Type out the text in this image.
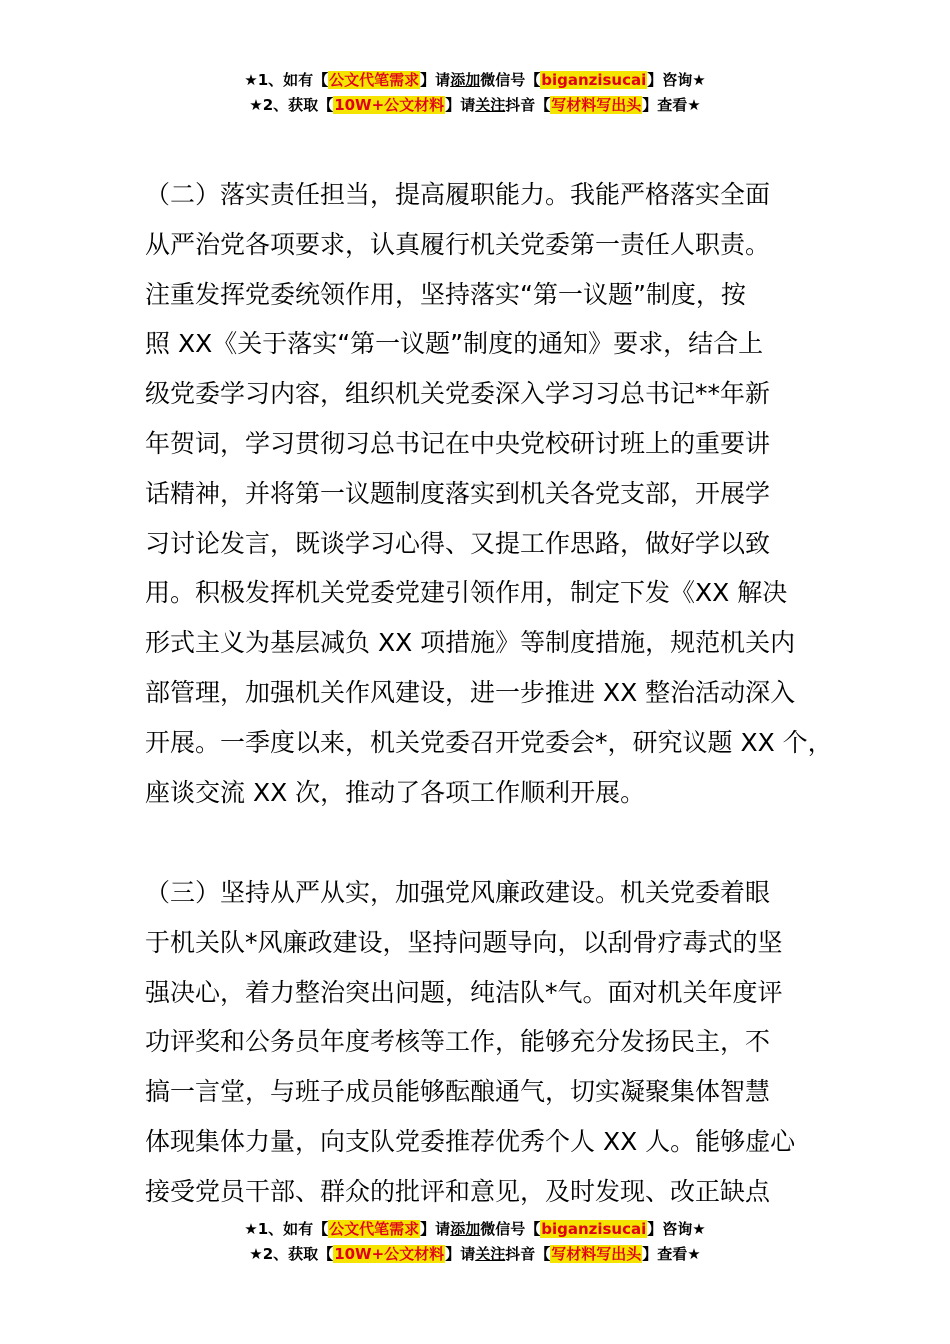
★1、如有【公文代笔需求】请添加微信号【biganzisucai】咨询★
★2、获取【10W+公文材料】请关注抖音【写材料写出头】查看★
（二）落实责任担当，提高履职能力。我能严格落实全面
从严治党各项要求，认真履行机关党委第一责任人职责。
注重发挥党委统领作用，坚持落实“第一议题”制度，按
照 XX《关于落实“第一议题”制度的通知》要求，结合上
级党委学习内容，组织机关党委深入学习习总书记**年新
年贺词，学习贯彻习总书记在中央党校研讨班上的重要讲
话精神，并将第一议题制度落实到机关各党支部，开展学
习讨论发言，既谈学习心得、又提工作思路，做好学以致
用。积极发挥机关党委党建引领作用，制定下发《XX 解决
形式主义为基层减负 XX 项措施》等制度措施，规范机关内
部管理，加强机关作风建设，进一步推进 XX 整治活动深入
开展。一季度以来，机关党委召开党委会*，研究议题 XX 个，
座谈交流 XX 次，推动了各项工作顺利开展。
（三）坚持从严从实，加强党风廉政建设。机关党委着眼
于机关队*风廉政建设，坚持问题导向，以刮骨疗毒式的坚
强决心，着力整治突出问题，纯洁队*气。面对机关年度评
功评奖和公务员年度考核等工作，能够充分发扬民主，不
搞一言堂，与班子成员能够酝酿通气，切实凝聚集体智慧
体现集体力量，向支队党委推荐优秀个人 XX 人。能够虚心
接受党员干部、群众的批评和意见，及时发现、改正缺点
★1、如有【公文代笔需求】请添加微信号【biganzisucai】咨询★
★2、获取【10W+公文材料】请关注抖音【写材料写出头】查看★
